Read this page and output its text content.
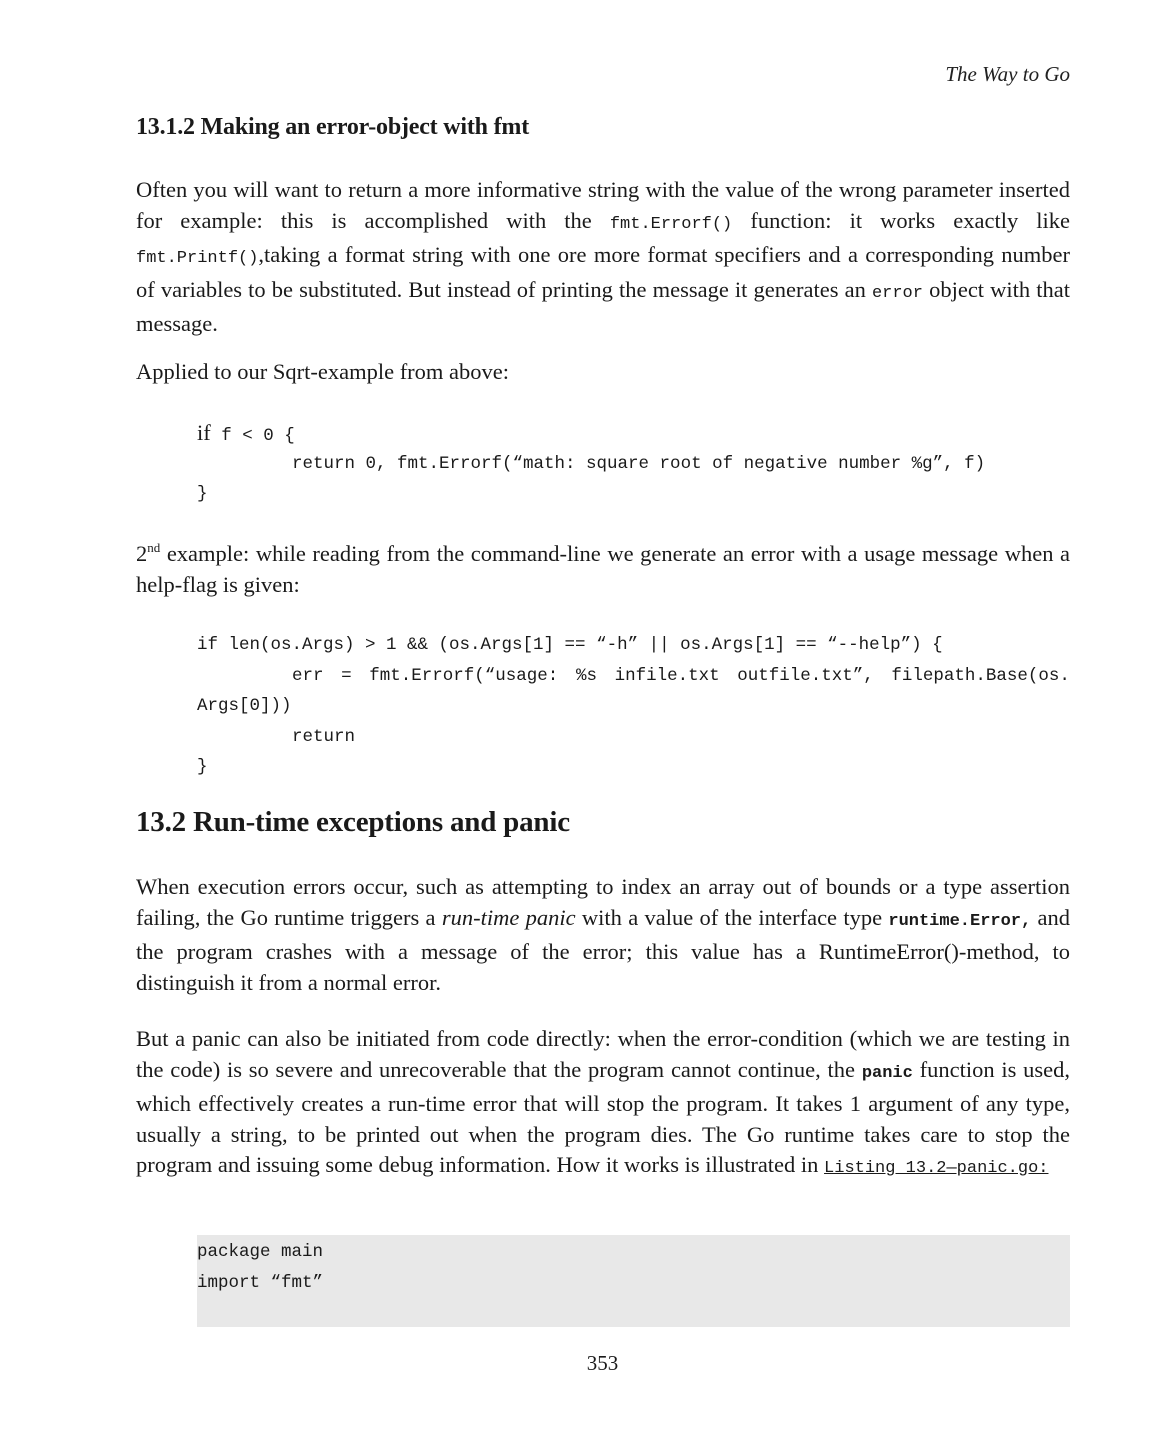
The Way to Go
13.1.2 Making an error-object with fmt

Often you will want to return a more informative string with the value of the wrong parameter inserted for example: this is accomplished with the fmt.Errorf() function: it works exactly like fmt.Printf(),taking a format string with one ore more format specifiers and a corresponding number of variables to be substituted. But instead of printing the message it generates an error object with that message.

Applied to our Sqrt-example from above:

if f < 0 {
return 0, fmt.Errorf(“math: square root of negative number %g”, f)
}

2nd example: while reading from the command-line we generate an error with a usage message when a help-flag is given:

if len(os.Args) > 1 && (os.Args[1] == “-h” || os.Args[1] == “--help”) {
err = fmt.Errorf(“usage: %s infile.txt outfile.txt”, filepath.Base(os.
Args[0]))
return
}
13.2 Run-time exceptions and panic

When execution errors occur, such as attempting to index an array out of bounds or a type assertion failing, the Go runtime triggers a run-time panic with a value of the interface type runtime.Error, and the program crashes with a message of the error; this value has a RuntimeError()-method, to distinguish it from a normal error.

But a panic can also be initiated from code directly: when the error-condition (which we are testing in the code) is so severe and unrecoverable that the program cannot continue, the panic function is used, which effectively creates a run-time error that will stop the program. It takes 1 argument of any type, usually a string, to be printed out when the program dies. The Go runtime takes care to stop the program and issuing some debug information. How it works is illustrated in Listing 13.2—panic.go:

package main
import “fmt”
353
